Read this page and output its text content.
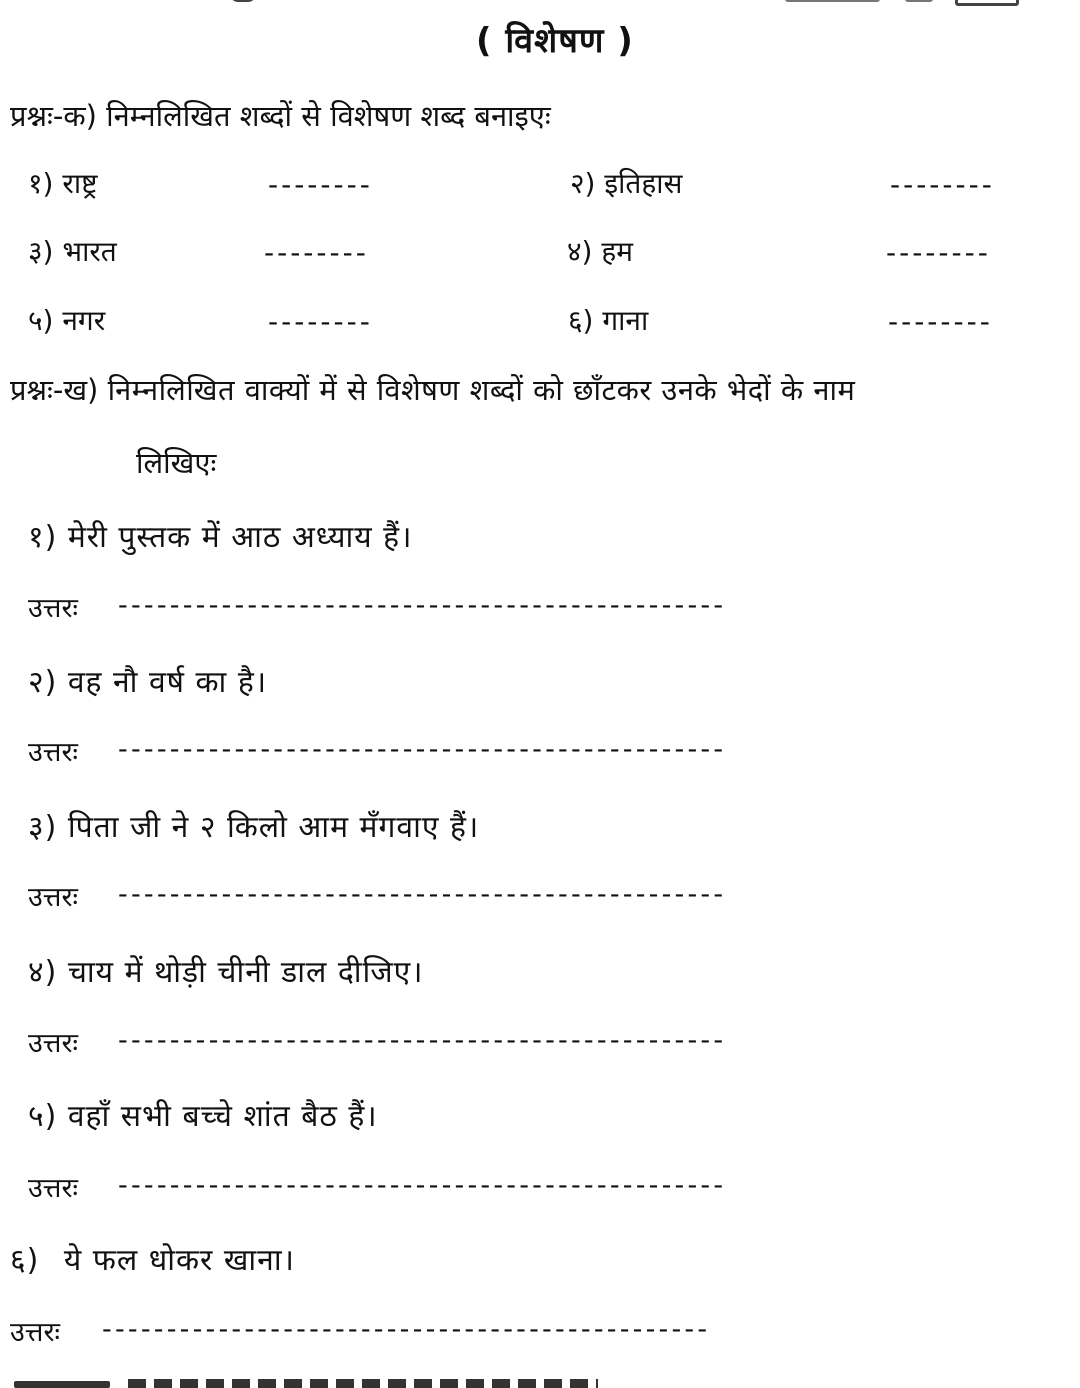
( विशेषण )
प्रश्नः-क) निम्नलिखित शब्दों से विशेषण शब्द बनाइएः
१) राष्ट्र	--------	२) इतिहास	--------
३) भारत	--------	४) हम	--------
५) नगर	--------	६) गाना	--------
प्रश्नः-ख) निम्नलिखित वाक्यों में से विशेषण शब्दों को छाँटकर उनके भेदों के नाम
लिखिएः
१) मेरी पुस्तक में आठ अध्याय हैं।
उत्तरः -----------------------------------------------
२) वह नौ वर्ष का है।
उत्तरः -----------------------------------------------
३) पिता जी ने २ किलो आम मँगवाए हैं।
उत्तरः -----------------------------------------------
४) चाय में थोड़ी चीनी डाल दीजिए।
उत्तरः -----------------------------------------------
५) वहाँ सभी बच्चे शांत बैठ हैं।
उत्तरः -----------------------------------------------
६) ये फल धोकर खाना।
उत्तरः -----------------------------------------------
